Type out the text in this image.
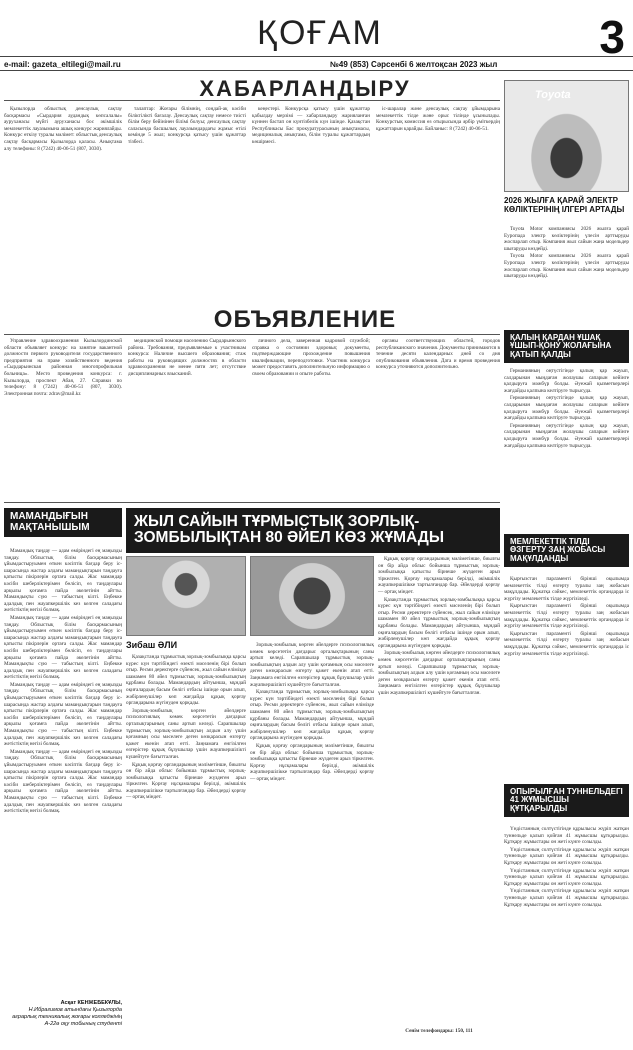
ҚОҒАМ	3
e-mail: gazeta_eltilegi@mail.ru	№49 (853) Сәрсенбі 6 желтоқсан 2023 жыл
ХАБАРЛАНДЫРУ

Қызылорда облыстық денсаулық сақтау басқармасы «Сырдария аудандық көпсалалы» ауруханасы мүйгі ауруханасы бос әкімшілік мемлекеттік лауазымына ашық конкурс жариялайды. Конкурс өткізу туралы мәлімет: облыстық денсаулық сақтау басқармасы Қызылорда қаласы. Анықтама алу телефоны: 8 (7242) 40-06-51 (807, 3030).

талаптар: Жоғары білімнің, соңдай-ақ кәсіби біліктілікті бағалау. Денсаулық сақтау немесе тиісті білім беру бейінінен білімі болуы; денсаулық сақтау саласында басшылық лауазымдардағы жұмыс өтілі кемінде 5 жыл; конкурсқа қатысу үшін құжаттар тізбесі.

кеңестері. Конкурсқа қатысу үшін құжаттар қабылдау мерзімі — хабарландыру жарияланған күннен бастап он күнтізбелік күн ішінде. Қазақстан Республикасы Бас прокуратурасының анықтамасы, медициналық анықтама, білім туралы құжаттардың көшірмесі.

іс-шаралар және денсаулық сақтау ұйымдарына мемлекеттік тілде және орыс тілінде ұсынылады. Конкурстық комиссия өз отырысында әрбір үміткердің құжаттарын қарайды. Байланыс: 8 (7242) 40-06-51.

ОБЪЯВЛЕНИЕ

Управление здравоохранения Кызылординской области объявляет конкурс на занятие вакантной должности первого руководителя государственного предприятия на праве хозяйственного ведения «Сырдарьинская районная многопрофильная больница». Место проведения конкурса: г. Кызылорда, проспект Абая, 27. Справки по телефону: 8 (7242) 40-06-51 (807, 3030). Электронная почта: zdrav@mail.kz

медицинской помощи населению Сырдарьинского района. Требования, предъявляемые к участникам конкурса: Наличие высшего образования; стаж работы на руководящих должностях в области здравоохранения не менее пяти лет; отсутствие дисциплинарных взысканий.

личного дела, заверенная кадровой службой; справка о состоянии здоровья; документы, подтверждающие прохождение повышения квалификации, переподготовки. Участник конкурса может предоставить дополнительную информацию о своем образовании и опыте работы.

органы соответствующих областей, городов республиканского значения. Документы принимаются в течение десяти календарных дней со дня опубликования объявления. Дата и время проведения конкурса уточняются дополнительно.

МАМАНДЫҒЫН МАҚТАНЫШЫМ

Мамандық таңдау — адам өміріндегі ең маңызды таңдау. Облыстық білім басқармасының ұйымдастыруымен өткен кәсіптік бағдар беру іс-шарасында жастар алдағы мамандықтарын таңдауға қатысты пікірлерін ортаға салды. Жас мамандар кәсіби шеберліктерімен бөлісіп, өз таңдаулары арқылы қоғамға пайда әкелетінін айтты. Мамандықты сүю — табыстың кілті. Еңбекке адалдық пен жауапкершілік кез келген саладағы жетістіктің негізі болмақ.

Мамандық таңдау — адам өміріндегі ең маңызды таңдау. Облыстық білім басқармасының ұйымдастыруымен өткен кәсіптік бағдар беру іс-шарасында жастар алдағы мамандықтарын таңдауға қатысты пікірлерін ортаға салды. Жас мамандар кәсіби шеберліктерімен бөлісіп, өз таңдаулары арқылы қоғамға пайда әкелетінін айтты. Мамандықты сүю — табыстың кілті. Еңбекке адалдық пен жауапкершілік кез келген саладағы жетістіктің негізі болмақ.

Мамандық таңдау — адам өміріндегі ең маңызды таңдау. Облыстық білім басқармасының ұйымдастыруымен өткен кәсіптік бағдар беру іс-шарасында жастар алдағы мамандықтарын таңдауға қатысты пікірлерін ортаға салды. Жас мамандар кәсіби шеберліктерімен бөлісіп, өз таңдаулары арқылы қоғамға пайда әкелетінін айтты. Мамандықты сүю — табыстың кілті. Еңбекке адалдық пен жауапкершілік кез келген саладағы жетістіктің негізі болмақ.

Мамандық таңдау — адам өміріндегі ең маңызды таңдау. Облыстық білім басқармасының ұйымдастыруымен өткен кәсіптік бағдар беру іс-шарасында жастар алдағы мамандықтарын таңдауға қатысты пікірлерін ортаға салды. Жас мамандар кәсіби шеберліктерімен бөлісіп, өз таңдаулары арқылы қоғамға пайда әкелетінін айтты. Мамандықты сүю — табыстың кілті. Еңбекке адалдық пен жауапкершілік кез келген саладағы жетістіктің негізі болмақ.

Асқат КЕНЖЕБЕКҰЛЫ,
Н.Ибрагимов атындағы Қызылорда аграрлық техникалық жоғары колледжінің А-22ө оқу тобының студенті
ЖЫЛ САЙЫН ТҰРМЫСТЫҚ ЗОРЛЫҚ-ЗОМБЫЛЫҚТАН 80 ӘЙЕЛ КӨЗ ЖҰМАДЫ
Зибаш ӘЛИ

Қазақстанда тұрмыстық зорлық-зомбылыққа қарсы күрес күн тәртібіндегі өзекті мәселенің бірі болып отыр. Ресми деректерге сүйенсек, жыл сайын елімізде шамамен 80 әйел тұрмыстық зорлық-зомбылықтың құрбаны болады. Мамандардың айтуынша, мұндай оқиғалардың басым бөлігі отбасы ішінде орын алып, жәбірленушілер көп жағдайда құқық қорғау органдарына жүгінуден қорқады.

Зорлық-зомбылық көрген әйелдерге психологиялық көмек көрсететін дағдарыс орталықтарының саны артып келеді. Сарапшылар тұрмыстық зорлық-зомбылықтың алдын алу үшін қоғамның осы мәселеге деген көзқарасын өзгерту қажет екенін атап өтті. Заңнамаға енгізілген өзгерістер құқық бұзушылар үшін жауапкершілікті күшейтуге бағытталған.

Құқық қорғау органдарының мәліметінше, биылғы он бір айда облыс бойынша тұрмыстық зорлық-зомбылыққа қатысты бірнеше жүздеген арыз тіркелген. Қорғау нұсқамалары берілді, әкімшілік жауапкершілікке тартылғандар бар. Әйелдерді қорғау — ортақ міндет.

Зорлық-зомбылық көрген әйелдерге психологиялық көмек көрсететін дағдарыс орталықтарының саны артып келеді. Сарапшылар тұрмыстық зорлық-зомбылықтың алдын алу үшін қоғамның осы мәселеге деген көзқарасын өзгерту қажет екенін атап өтті. Заңнамаға енгізілген өзгерістер құқық бұзушылар үшін жауапкершілікті күшейтуге бағытталған.

Қазақстанда тұрмыстық зорлық-зомбылыққа қарсы күрес күн тәртібіндегі өзекті мәселенің бірі болып отыр. Ресми деректерге сүйенсек, жыл сайын елімізде шамамен 80 әйел тұрмыстық зорлық-зомбылықтың құрбаны болады. Мамандардың айтуынша, мұндай оқиғалардың басым бөлігі отбасы ішінде орын алып, жәбірленушілер көп жағдайда құқық қорғау органдарына жүгінуден қорқады.

Құқық қорғау органдарының мәліметінше, биылғы он бір айда облыс бойынша тұрмыстық зорлық-зомбылыққа қатысты бірнеше жүздеген арыз тіркелген. Қорғау нұсқамалары берілді, әкімшілік жауапкершілікке тартылғандар бар. Әйелдерді қорғау — ортақ міндет.

Құқық қорғау органдарының мәліметінше, биылғы он бір айда облыс бойынша тұрмыстық зорлық-зомбылыққа қатысты бірнеше жүздеген арыз тіркелген. Қорғау нұсқамалары берілді, әкімшілік жауапкершілікке тартылғандар бар. Әйелдерді қорғау — ортақ міндет.

Қазақстанда тұрмыстық зорлық-зомбылыққа қарсы күрес күн тәртібіндегі өзекті мәселенің бірі болып отыр. Ресми деректерге сүйенсек, жыл сайын елімізде шамамен 80 әйел тұрмыстық зорлық-зомбылықтың құрбаны болады. Мамандардың айтуынша, мұндай оқиғалардың басым бөлігі отбасы ішінде орын алып, жәбірленушілер көп жағдайда құқық қорғау органдарына жүгінуден қорқады.

Зорлық-зомбылық көрген әйелдерге психологиялық көмек көрсететін дағдарыс орталықтарының саны артып келеді. Сарапшылар тұрмыстық зорлық-зомбылықтың алдын алу үшін қоғамның осы мәселеге деген көзқарасын өзгерту қажет екенін атап өтті. Заңнамаға енгізілген өзгерістер құқық бұзушылар үшін жауапкершілікті күшейтуге бағытталған.

Сенім телефондары: 150, 111

Toyota
2026 ЖЫЛҒА ҚАРАЙ ЭЛЕКТР КӨЛІКТЕРІНІҢ ІЛГЕРІ АРТАДЫ

Toyota Motor компаниясы 2026 жылға қарай Еуропада электр көліктерінің үлесін арттыруды жоспарлап отыр. Компания жыл сайын жаңа модельдер шығаруды көздейді.

Toyota Motor компаниясы 2026 жылға қарай Еуропада электр көліктерінің үлесін арттыруды жоспарлап отыр. Компания жыл сайын жаңа модельдер шығаруды көздейді.

ҚАЛЫҢ ҚАРДАН ҰШАҚ ҰШЫП-ҚОНУ ЖОЛАҒЫНА ҚАТЫП ҚАЛДЫ

Германияның оңтүстігінде қалың қар жауып, салдарынан мыңдаған жолаушы сапарын кейінге қалдыруға мәжбүр болды. Әуежай қызметкерлері жағдайды қалпына келтіруге тырысуда.

Германияның оңтүстігінде қалың қар жауып, салдарынан мыңдаған жолаушы сапарын кейінге қалдыруға мәжбүр болды. Әуежай қызметкерлері жағдайды қалпына келтіруге тырысуда.

Германияның оңтүстігінде қалың қар жауып, салдарынан мыңдаған жолаушы сапарын кейінге қалдыруға мәжбүр болды. Әуежай қызметкерлері жағдайды қалпына келтіруге тырысуда.

МЕМЛЕКЕТТІК ТІЛДІ ӨЗГЕРТУ ЗАҢ ЖОБАСЫ МАҚҰЛДАНДЫ

Қырғызстан парламенті бірінші оқылымда мемлекеттік тілді өзгерту туралы заң жобасын мақұлдады. Құжатқа сәйкес, мемлекеттік органдарда іс жүргізу мемлекеттік тілде жүргізіледі.

Қырғызстан парламенті бірінші оқылымда мемлекеттік тілді өзгерту туралы заң жобасын мақұлдады. Құжатқа сәйкес, мемлекеттік органдарда іс жүргізу мемлекеттік тілде жүргізіледі.

Қырғызстан парламенті бірінші оқылымда мемлекеттік тілді өзгерту туралы заң жобасын мақұлдады. Құжатқа сәйкес, мемлекеттік органдарда іс жүргізу мемлекеттік тілде жүргізіледі.

ОПЫРЫЛҒАН ТУННЕЛЬДЕГІ 41 ЖҰМЫСШЫ ҚҰТҚАРЫЛДЫ

Үндістанның солтүстігінде құрылысы жүріп жатқан туннельде қалып қойған 41 жұмысшы құтқарылды. Құтқару жұмыстары он жеті күнге созылды.

Үндістанның солтүстігінде құрылысы жүріп жатқан туннельде қалып қойған 41 жұмысшы құтқарылды. Құтқару жұмыстары он жеті күнге созылды.

Үндістанның солтүстігінде құрылысы жүріп жатқан туннельде қалып қойған 41 жұмысшы құтқарылды. Құтқару жұмыстары он жеті күнге созылды.

Үндістанның солтүстігінде құрылысы жүріп жатқан туннельде қалып қойған 41 жұмысшы құтқарылды. Құтқару жұмыстары он жеті күнге созылды.
